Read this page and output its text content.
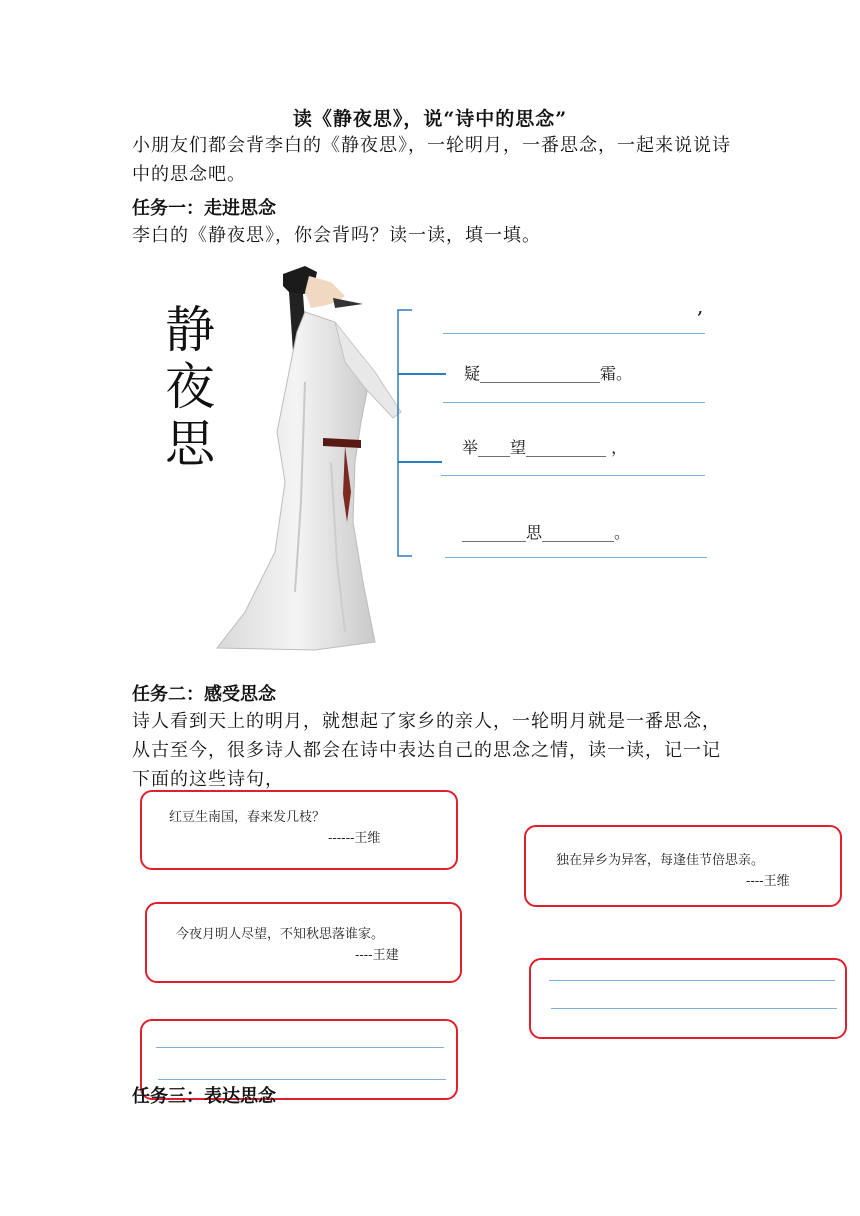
读《静夜思》，说“诗中的思念”
小朋友们都会背李白的《静夜思》，一轮明月，一番思念，一起来说说诗中的思念吧。
任务一：走进思念
李白的《静夜思》，你会背吗？读一读，填一填。
静
夜
思
,
疑_______________霜。
举____望__________ ，
________思_________。
任务二：感受思念
诗人看到天上的明月，就想起了家乡的亲人，一轮明月就是一番思念，从古至今，很多诗人都会在诗中表达自己的思念之情，读一读，记一记下面的这些诗句，
红豆生南国，春来发几枝？
------王维
独在异乡为异客，每逢佳节倍思亲。
----王维
今夜月明人尽望，不知秋思落谁家。
----王建
任务三：表达思念
